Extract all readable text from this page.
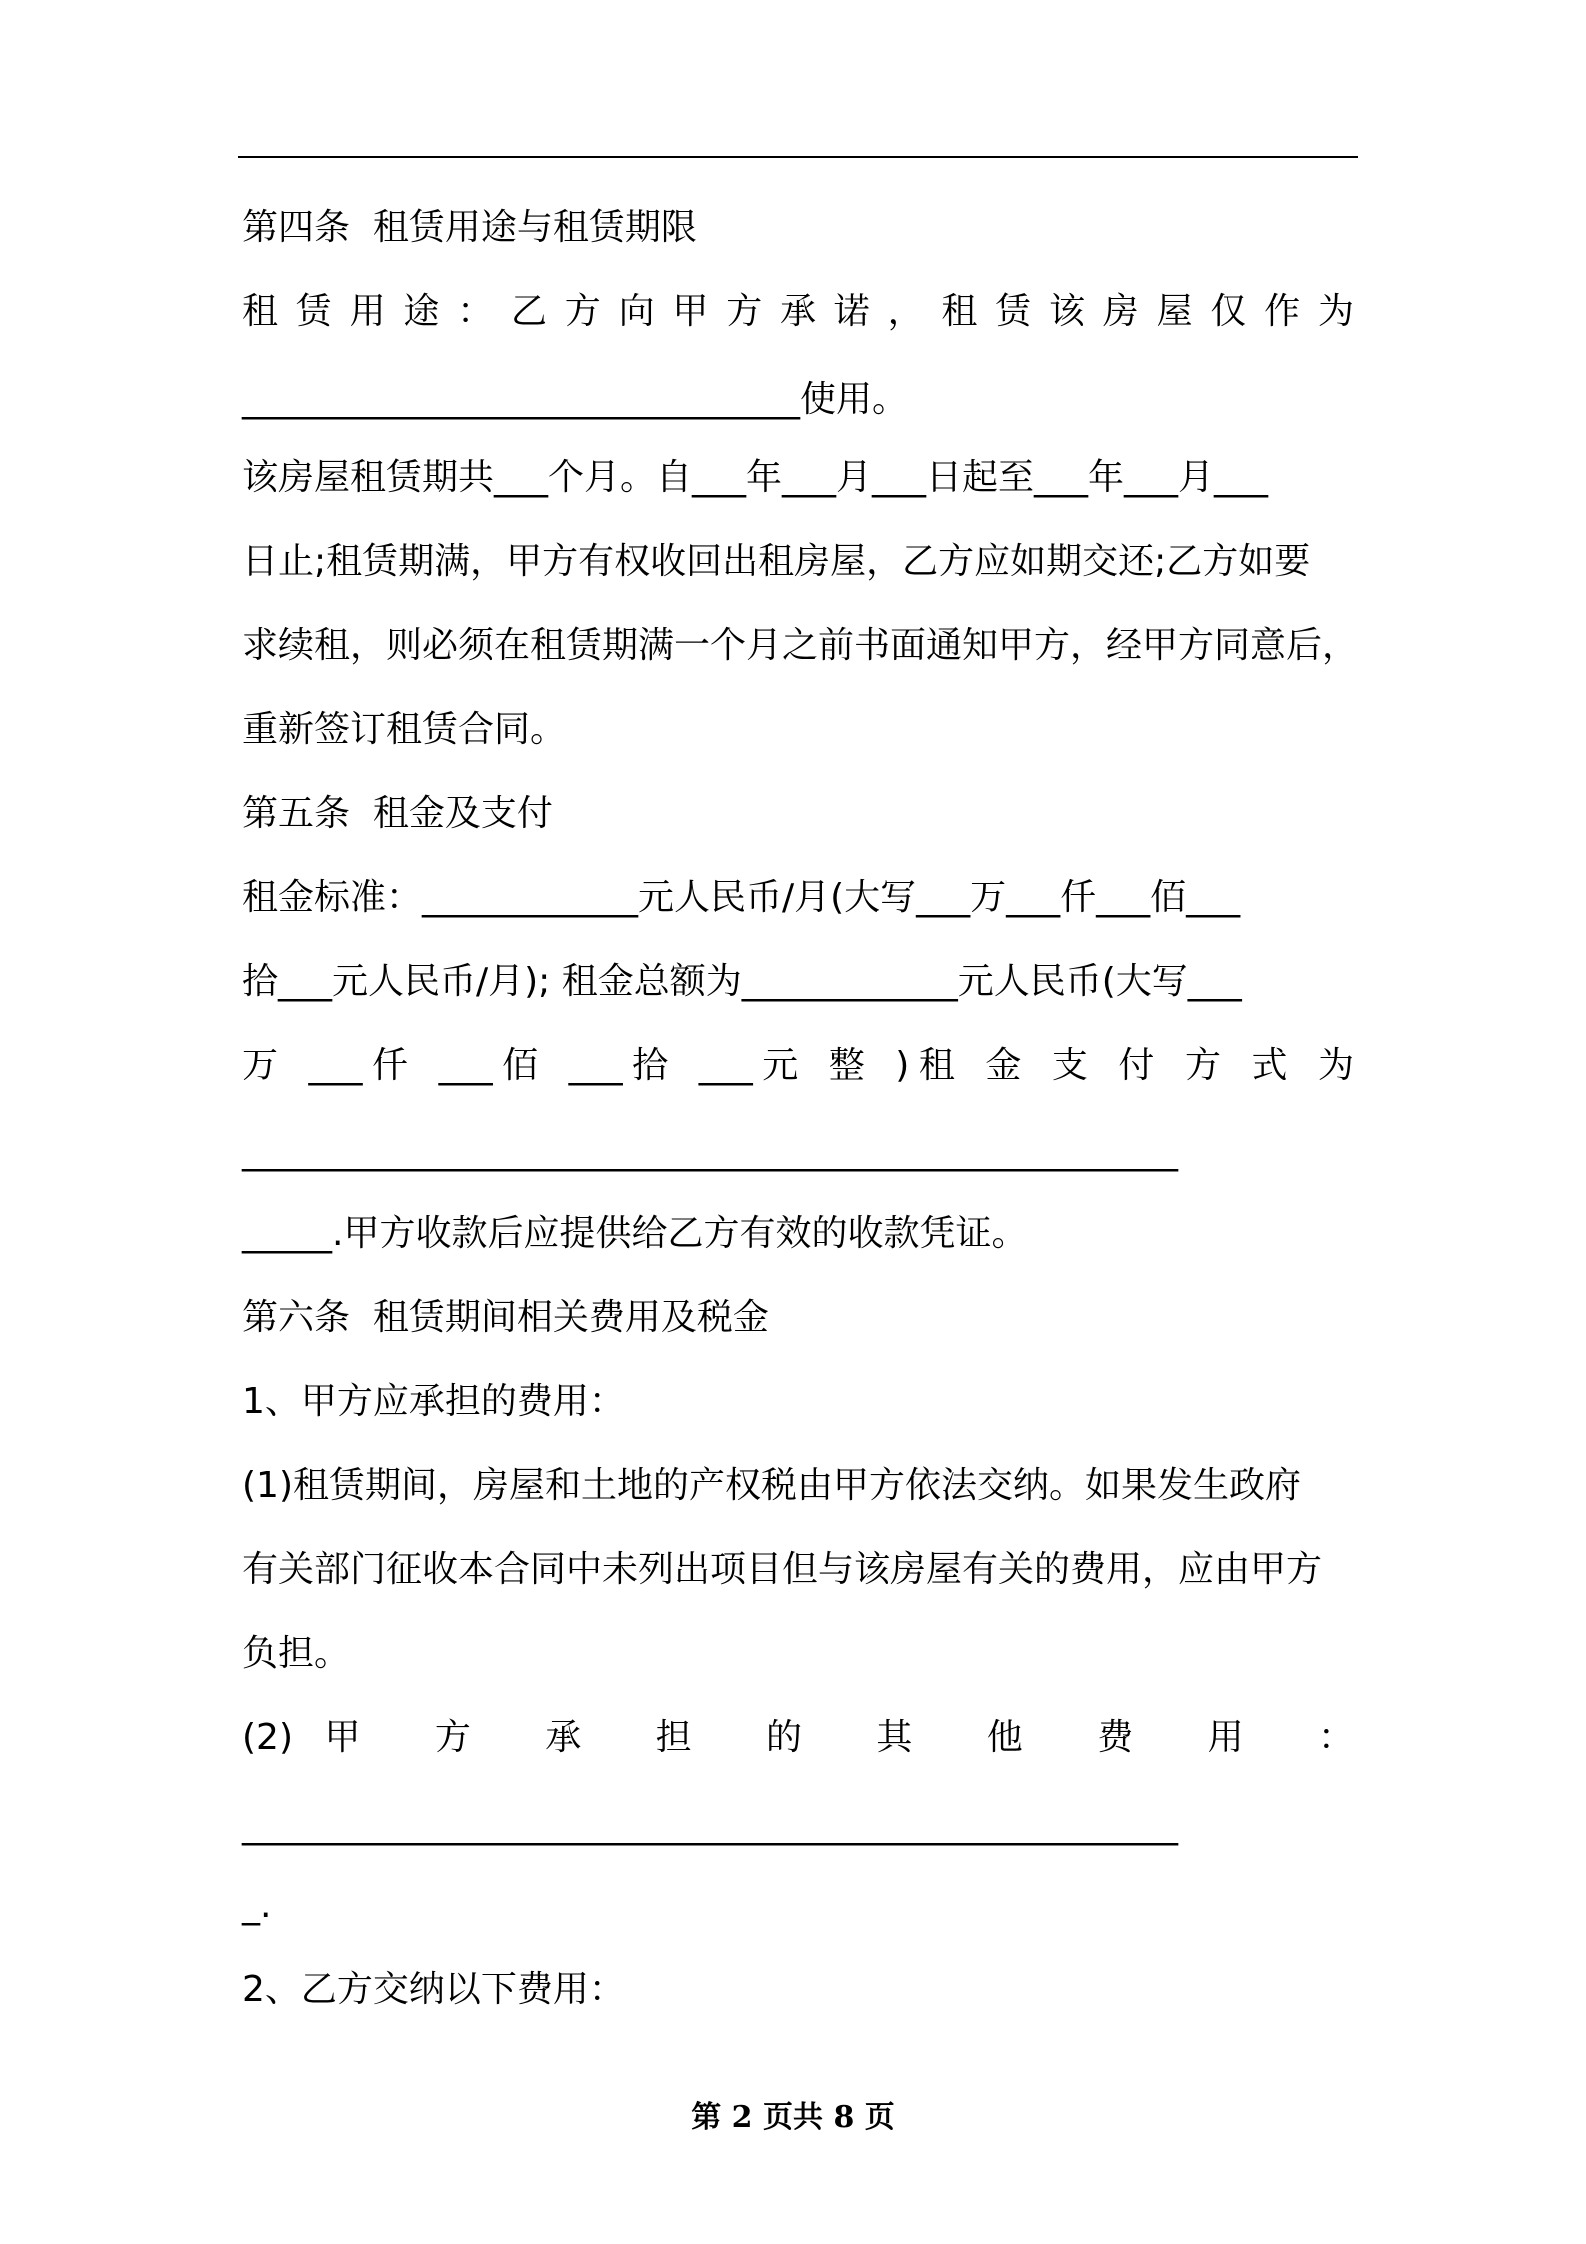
第四条  租赁用途与租赁期限
租赁用途：乙方向甲方承诺，租赁该房屋仅作为
_______________________________使用。
该房屋租赁期共___个月。自___年___月___日起至___年___月___
日止;租赁期满，甲方有权收回出租房屋，乙方应如期交还;乙方如要
求续租，则必须在租赁期满一个月之前书面通知甲方，经甲方同意后，
重新签订租赁合同。
第五条  租金及支付
租金标准：____________元人民币/月(大写___万___仟___佰___
拾___元人民币/月); 租金总额为____________元人民币(大写___
万 ___仟 ___佰 ___拾 ___元 整 )租 金 支 付 方 式 为
____________________________________________________
_____.甲方收款后应提供给乙方有效的收款凭证。
第六条  租赁期间相关费用及税金
1、甲方应承担的费用：
(1)租赁期间，房屋和土地的产权税由甲方依法交纳。如果发生政府
有关部门征收本合同中未列出项目但与该房屋有关的费用，应由甲方
负担。
(2)甲 方 承 担 的 其 他 费 用 ：
____________________________________________________
_.
2、乙方交纳以下费用：
第 2 页共 8 页
